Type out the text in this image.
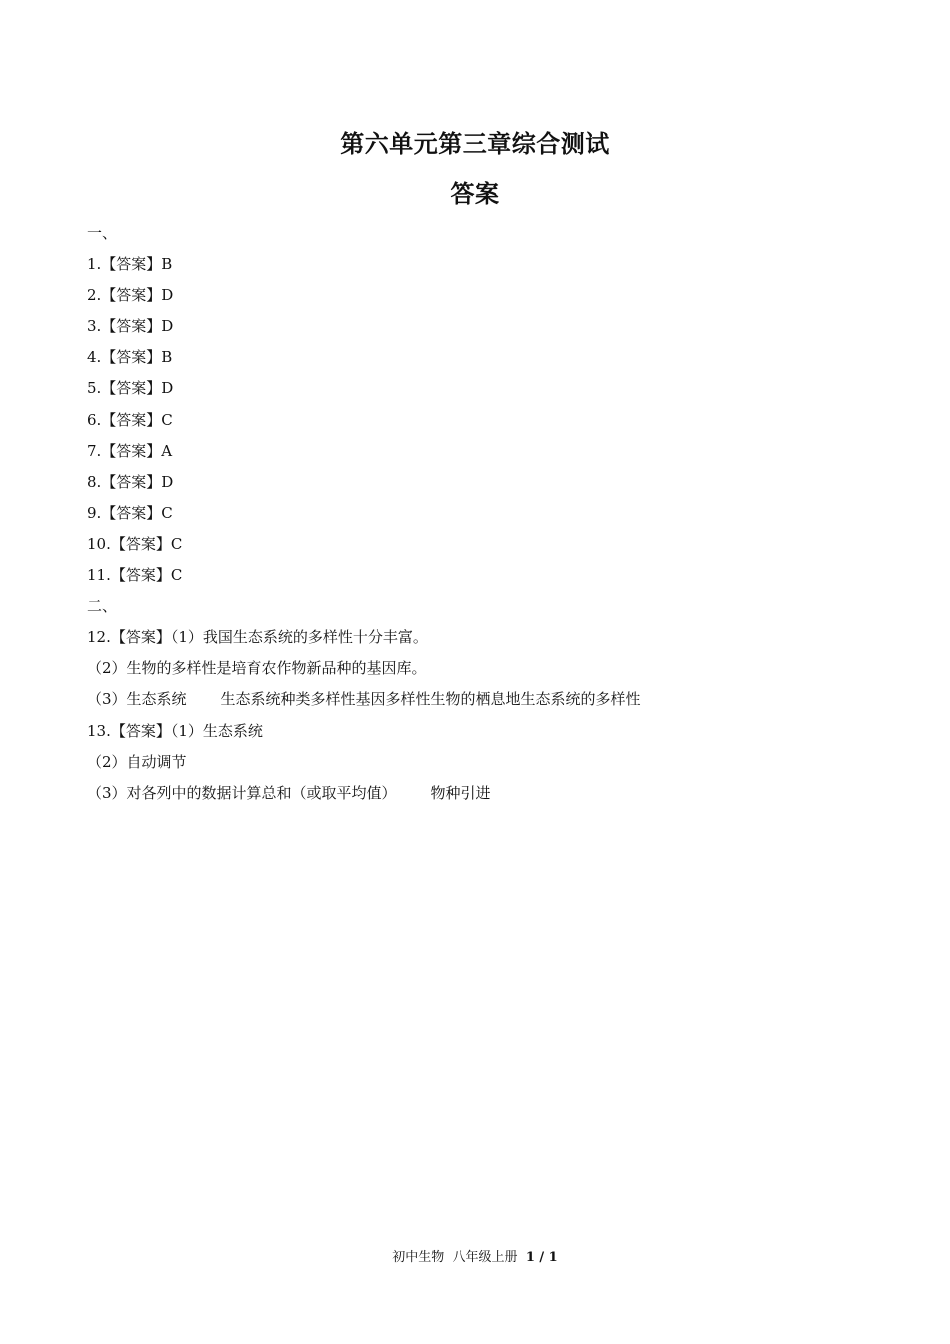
第六单元第三章综合测试
答案
一、
1.【答案】B
2.【答案】D
3.【答案】D
4.【答案】B
5.【答案】D
6.【答案】C
7.【答案】A
8.【答案】D
9.【答案】C
10.【答案】C
11.【答案】C
二、
12.【答案】（1）我国生态系统的多样性十分丰富。
（2）生物的多样性是培育农作物新品种的基因库。
（3）生态系统 生态系统种类多样性基因多样性生物的栖息地生态系统的多样性
13.【答案】（1）生态系统
（2）自动调节
（3）对各列中的数据计算总和（或取平均值） 物种引进
初中生物  八年级上册 1 / 1
